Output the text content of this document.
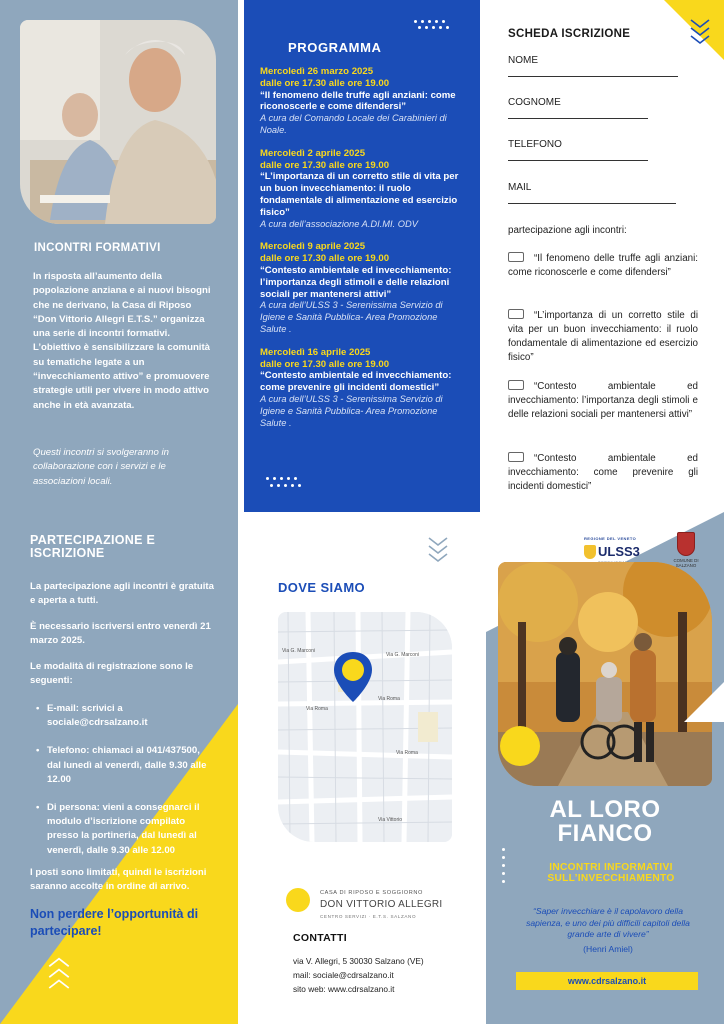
INCONTRI FORMATIVI
In risposta all’aumento della popolazione anziana e ai nuovi bisogni che ne derivano, la Casa di Riposo “Don Vittorio Allegri E.T.S.” organizza una serie di incontri formativi. L’obiettivo è sensibilizzare la comunità su tematiche legate a un “invecchiamento attivo” e promuovere strategie utili per vivere in modo attivo anche in età avanzata.
Questi incontri si svolgeranno in collaborazione con i servizi e le associazioni locali.
PROGRAMMA
Mercoledì 26 marzo 2025
dalle ore 17.30 alle ore 19.00
“Il fenomeno delle truffe agli anziani: come riconoscerle e come difendersi”
A cura del Comando Locale dei Carabinieri di Noale.
Mercoledì 2 aprile 2025
dalle ore 17.30 alle ore 19.00
“L’importanza di un corretto stile di vita per un buon invecchiamento: il ruolo fondamentale di alimentazione ed esercizio fisico”
A cura dell’associazione A.DI.MI. ODV
Mercoledì 9 aprile 2025
dalle ore 17.30 alle ore 19.00
“Contesto ambientale ed invecchiamento: l’importanza degli stimoli e delle relazioni sociali per mantenersi attivi”
A cura dell’ULSS 3 - Serenissima Servizio di Igiene e Sanità Pubblica- Area Promozione Salute .
Mercoledì 16 aprile 2025
dalle ore 17.30 alle ore 19.00
“Contesto ambientale ed invecchiamento: come prevenire gli incidenti domestici”
A cura dell’ULSS 3 - Serenissima Servizio di Igiene e Sanità Pubblica- Area Promozione Salute .
SCHEDA ISCRIZIONE
NOME
COGNOME
TELEFONO
MAIL
partecipazione agli incontri:
“Il fenomeno delle truffe agli anziani: come riconoscerle e come difendersi”
“L’importanza di un corretto stile di vita per un buon invecchiamento: il ruolo fondamentale di alimentazione ed esercizio fisico”
“Contesto ambientale ed invecchiamento: l’importanza degli stimoli e delle relazioni sociali per mantenersi attivi”
“Contesto ambientale ed invecchiamento: come prevenire gli incidenti domestici”
PARTECIPAZIONE E ISCRIZIONE
La partecipazione agli incontri è gratuita e aperta a tutti.
È necessario iscriversi entro venerdì 21 marzo 2025.
Le modalità di registrazione sono le seguenti:
• E-mail: scrivici a sociale@cdrsalzano.it
• Telefono: chiamaci al 041/437500, dal lunedì al venerdì, dalle 9.30 alle 12.00
• Di persona: vieni a consegnarci il modulo d’iscrizione compilato presso la portineria, dal lunedì al venerdì, dalle 9.30 alle 12.00
I posti sono limitati, quindi le iscrizioni saranno accolte in ordine di arrivo.
Non perdere l’opportunità di partecipare!
DOVE SIAMO
Via G. Marconi
Via G. Marconi
Via Roma
Via Roma
Via Roma
Via Vittorio
CASA DI RIPOSO E SOGGIORNO
DON VITTORIO ALLEGRI
CENTRO SERVIZI · E.T.S. SALZANO
CONTATTI
via V. Allegri, 5 30030 Salzano (VE)
mail: sociale@cdrsalzano.it
sito web: www.cdrsalzano.it
REGIONE DEL VENETO
ULSS3
COMUNE DI SALZANO
AL LORO
FIANCO
INCONTRI INFORMATIVI
SULL’INVECCHIAMENTO
“Saper invecchiare è il capolavoro della sapienza, e uno dei più difficili capitoli della grande arte di vivere”
(Henri Amiel)
www.cdrsalzano.it
